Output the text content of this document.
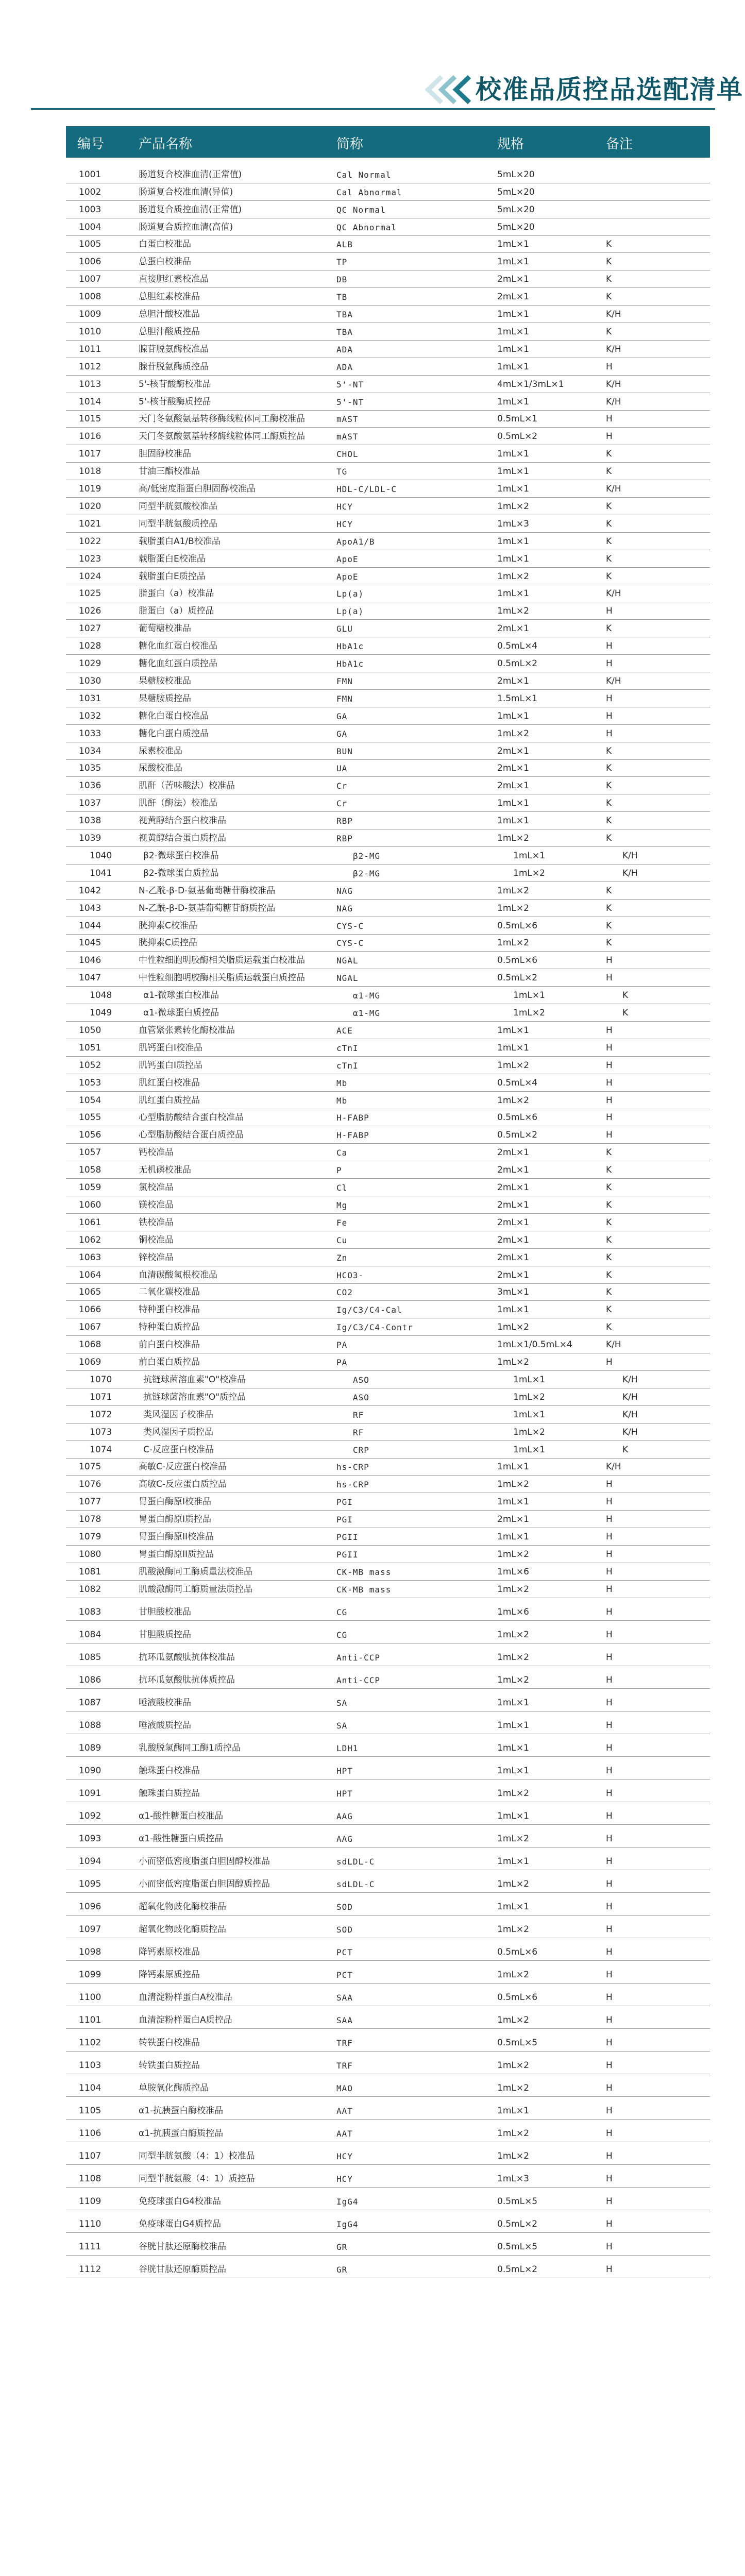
校准品质控品选配清单
编号	产品名称	简称	规格	备注
1001	肠道复合校准血清(正常值)	Cal Normal	5mL×20
1002	肠道复合校准血清(异值)	Cal Abnormal	5mL×20
1003	肠道复合质控血清(正常值)	QC Normal	5mL×20
1004	肠道复合质控血清(高值)	QC Abnormal	5mL×20
1005	白蛋白校准品	ALB	1mL×1	K
1006	总蛋白校准品	TP	1mL×1	K
1007	直接胆红素校准品	DB	2mL×1	K
1008	总胆红素校准品	TB	2mL×1	K
1009	总胆汁酸校准品	TBA	1mL×1	K/H
1010	总胆汁酸质控品	TBA	1mL×1	K
1011	腺苷脱氨酶校准品	ADA	1mL×1	K/H
1012	腺苷脱氨酶质控品	ADA	1mL×1	H
1013	5'-核苷酸酶校准品	5'-NT	4mL×1/3mL×1	K/H
1014	5'-核苷酸酶质控品	5'-NT	1mL×1	K/H
1015	天门冬氨酸氨基转移酶线粒体同工酶校准品	mAST	0.5mL×1	H
1016	天门冬氨酸氨基转移酶线粒体同工酶质控品	mAST	0.5mL×2	H
1017	胆固醇校准品	CHOL	1mL×1	K
1018	甘油三酯校准品	TG	1mL×1	K
1019	高/低密度脂蛋白胆固醇校准品	HDL-C/LDL-C	1mL×1	K/H
1020	同型半胱氨酸校准品	HCY	1mL×2	K
1021	同型半胱氨酸质控品	HCY	1mL×3	K
1022	载脂蛋白A1/B校准品	ApoA1/B	1mL×1	K
1023	载脂蛋白E校准品	ApoE	1mL×1	K
1024	载脂蛋白E质控品	ApoE	1mL×2	K
1025	脂蛋白（a）校准品	Lp(a)	1mL×1	K/H
1026	脂蛋白（a）质控品	Lp(a)	1mL×2	H
1027	葡萄糖校准品	GLU	2mL×1	K
1028	糖化血红蛋白校准品	HbA1c	0.5mL×4	H
1029	糖化血红蛋白质控品	HbA1c	0.5mL×2	H
1030	果糖胺校准品	FMN	2mL×1	K/H
1031	果糖胺质控品	FMN	1.5mL×1	H
1032	糖化白蛋白校准品	GA	1mL×1	H
1033	糖化白蛋白质控品	GA	1mL×2	H
1034	尿素校准品	BUN	2mL×1	K
1035	尿酸校准品	UA	2mL×1	K
1036	肌酐（苦味酸法）校准品	Cr	2mL×1	K
1037	肌酐（酶法）校准品	Cr	1mL×1	K
1038	视黄醇结合蛋白校准品	RBP	1mL×1	K
1039	视黄醇结合蛋白质控品	RBP	1mL×2	K
1040	β2-微球蛋白校准品	β2-MG	1mL×1	K/H
1041	β2-微球蛋白质控品	β2-MG	1mL×2	K/H
1042	N-乙酰-β-D-氨基葡萄糖苷酶校准品	NAG	1mL×2	K
1043	N-乙酰-β-D-氨基葡萄糖苷酶质控品	NAG	1mL×2	K
1044	胱抑素C校准品	CYS-C	0.5mL×6	K
1045	胱抑素C质控品	CYS-C	1mL×2	K
1046	中性粒细胞明胶酶相关脂质运载蛋白校准品	NGAL	0.5mL×6	H
1047	中性粒细胞明胶酶相关脂质运载蛋白质控品	NGAL	0.5mL×2	H
1048	α1-微球蛋白校准品	α1-MG	1mL×1	K
1049	α1-微球蛋白质控品	α1-MG	1mL×2	K
1050	血管紧张素转化酶校准品	ACE	1mL×1	H
1051	肌钙蛋白I校准品	cTnI	1mL×1	H
1052	肌钙蛋白I质控品	cTnI	1mL×2	H
1053	肌红蛋白校准品	Mb	0.5mL×4	H
1054	肌红蛋白质控品	Mb	1mL×2	H
1055	心型脂肪酸结合蛋白校准品	H-FABP	0.5mL×6	H
1056	心型脂肪酸结合蛋白质控品	H-FABP	0.5mL×2	H
1057	钙校准品	Ca	2mL×1	K
1058	无机磷校准品	P	2mL×1	K
1059	氯校准品	Cl	2mL×1	K
1060	镁校准品	Mg	2mL×1	K
1061	铁校准品	Fe	2mL×1	K
1062	铜校准品	Cu	2mL×1	K
1063	锌校准品	Zn	2mL×1	K
1064	血清碳酸氢根校准品	HCO3-	2mL×1	K
1065	二氧化碳校准品	CO2	3mL×1	K
1066	特种蛋白校准品	Ig/C3/C4-Cal	1mL×1	K
1067	特种蛋白质控品	Ig/C3/C4-Contr	1mL×2	K
1068	前白蛋白校准品	PA	1mL×1/0.5mL×4	K/H
1069	前白蛋白质控品	PA	1mL×2	H
1070	抗链球菌溶血素"O"校准品	ASO	1mL×1	K/H
1071	抗链球菌溶血素"O"质控品	ASO	1mL×2	K/H
1072	类风湿因子校准品	RF	1mL×1	K/H
1073	类风湿因子质控品	RF	1mL×2	K/H
1074	C-反应蛋白校准品	CRP	1mL×1	K
1075	高敏C-反应蛋白校准品	hs-CRP	1mL×1	K/H
1076	高敏C-反应蛋白质控品	hs-CRP	1mL×2	H
1077	胃蛋白酶原I校准品	PGI	1mL×1	H
1078	胃蛋白酶原I质控品	PGI	2mL×1	H
1079	胃蛋白酶原II校准品	PGII	1mL×1	H
1080	胃蛋白酶原II质控品	PGII	1mL×2	H
1081	肌酸激酶同工酶质量法校准品	CK-MB mass	1mL×6	H
1082	肌酸激酶同工酶质量法质控品	CK-MB mass	1mL×2	H
1083	甘胆酸校准品	CG	1mL×6	H
1084	甘胆酸质控品	CG	1mL×2	H
1085	抗环瓜氨酸肽抗体校准品	Anti-CCP	1mL×2	H
1086	抗环瓜氨酸肽抗体质控品	Anti-CCP	1mL×2	H
1087	唾液酸校准品	SA	1mL×1	H
1088	唾液酸质控品	SA	1mL×1	H
1089	乳酸脱氢酶同工酶1质控品	LDH1	1mL×1	H
1090	触珠蛋白校准品	HPT	1mL×1	H
1091	触珠蛋白质控品	HPT	1mL×2	H
1092	α1-酸性糖蛋白校准品	AAG	1mL×1	H
1093	α1-酸性糖蛋白质控品	AAG	1mL×2	H
1094	小而密低密度脂蛋白胆固醇校准品	sdLDL-C	1mL×1	H
1095	小而密低密度脂蛋白胆固醇质控品	sdLDL-C	1mL×2	H
1096	超氧化物歧化酶校准品	SOD	1mL×1	H
1097	超氧化物歧化酶质控品	SOD	1mL×2	H
1098	降钙素原校准品	PCT	0.5mL×6	H
1099	降钙素原质控品	PCT	1mL×2	H
1100	血清淀粉样蛋白A校准品	SAA	0.5mL×6	H
1101	血清淀粉样蛋白A质控品	SAA	1mL×2	H
1102	转铁蛋白校准品	TRF	0.5mL×5	H
1103	转铁蛋白质控品	TRF	1mL×2	H
1104	单胺氧化酶质控品	MAO	1mL×2	H
1105	α1-抗胰蛋白酶校准品	AAT	1mL×1	H
1106	α1-抗胰蛋白酶质控品	AAT	1mL×2	H
1107	同型半胱氨酸（4：1）校准品	HCY	1mL×2	H
1108	同型半胱氨酸（4：1）质控品	HCY	1mL×3	H
1109	免疫球蛋白G4校准品	IgG4	0.5mL×5	H
1110	免疫球蛋白G4质控品	IgG4	0.5mL×2	H
1111	谷胱甘肽还原酶校准品	GR	0.5mL×5	H
1112	谷胱甘肽还原酶质控品	GR	0.5mL×2	H
